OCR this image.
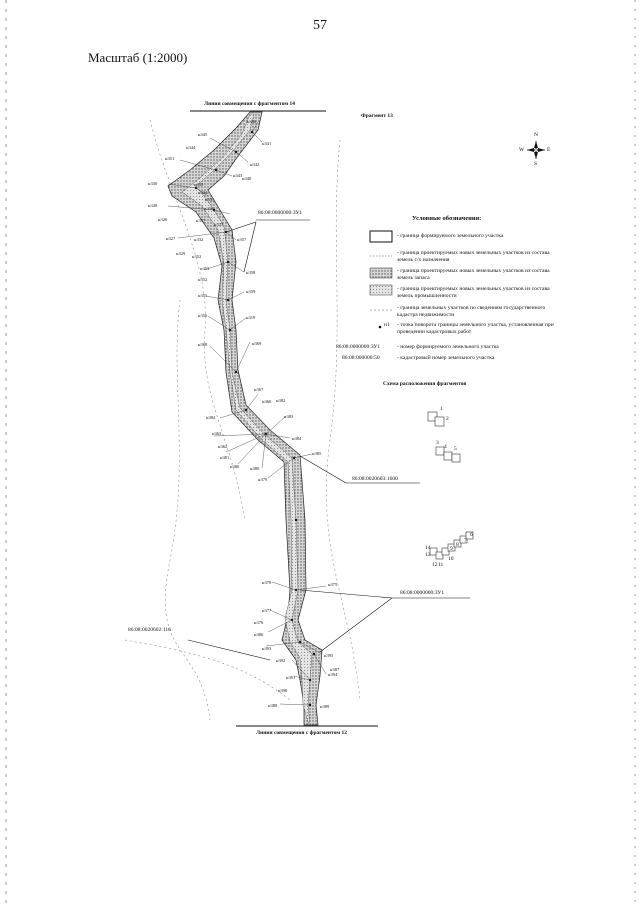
57
Масштаб (1:2000)
н346
н341
н345
н344
н342
н351
н343
н340
н330	н333
н324
н335
н328
н336
н326	н337
н325
н327	н332	н357
н329
н352
н353
н358
н352
н359
н355
н356	н319
н368	н369
н367
н360 н382
н384	н383
н363
н384
н362
н381
н385
н380 н380
н379
н378	н375
н377
н376
н386
н395
н393
н394
н392
н387
н391
н390
н388	н389
Линия совмещения с фрагментом 14
Фрагмент 13
Линия совмещения с фрагментом 12
N
S
W	E
86:08:0000000:ЗУ1
86:08:0020603:1600
86:08:0000000:ЗУ1
86:08:0020602:116
Условные обозначения:
- граница формируемого земельного участка
- граница проектируемых новых земельных участков из состава земель с/х назначения
- граница проектируемых новых земельных участков из состава земель запаса
- граница проектируемых новых земельных участков из состава земель промышленности
- граница земельных участков по сведениям государственного кадастра недвижимости
н1 - точка поворота границы земельного участка, установленная при проведении кадастровых работ
86:08:0000000:ЗУ1	- номер формируемого земельного участка
86:08:000000:50	- кадастровый номер земельного участка
Схема расположения фрагментов
1
2
3
4 5
6
7
8
9
10
11
12
13
14
